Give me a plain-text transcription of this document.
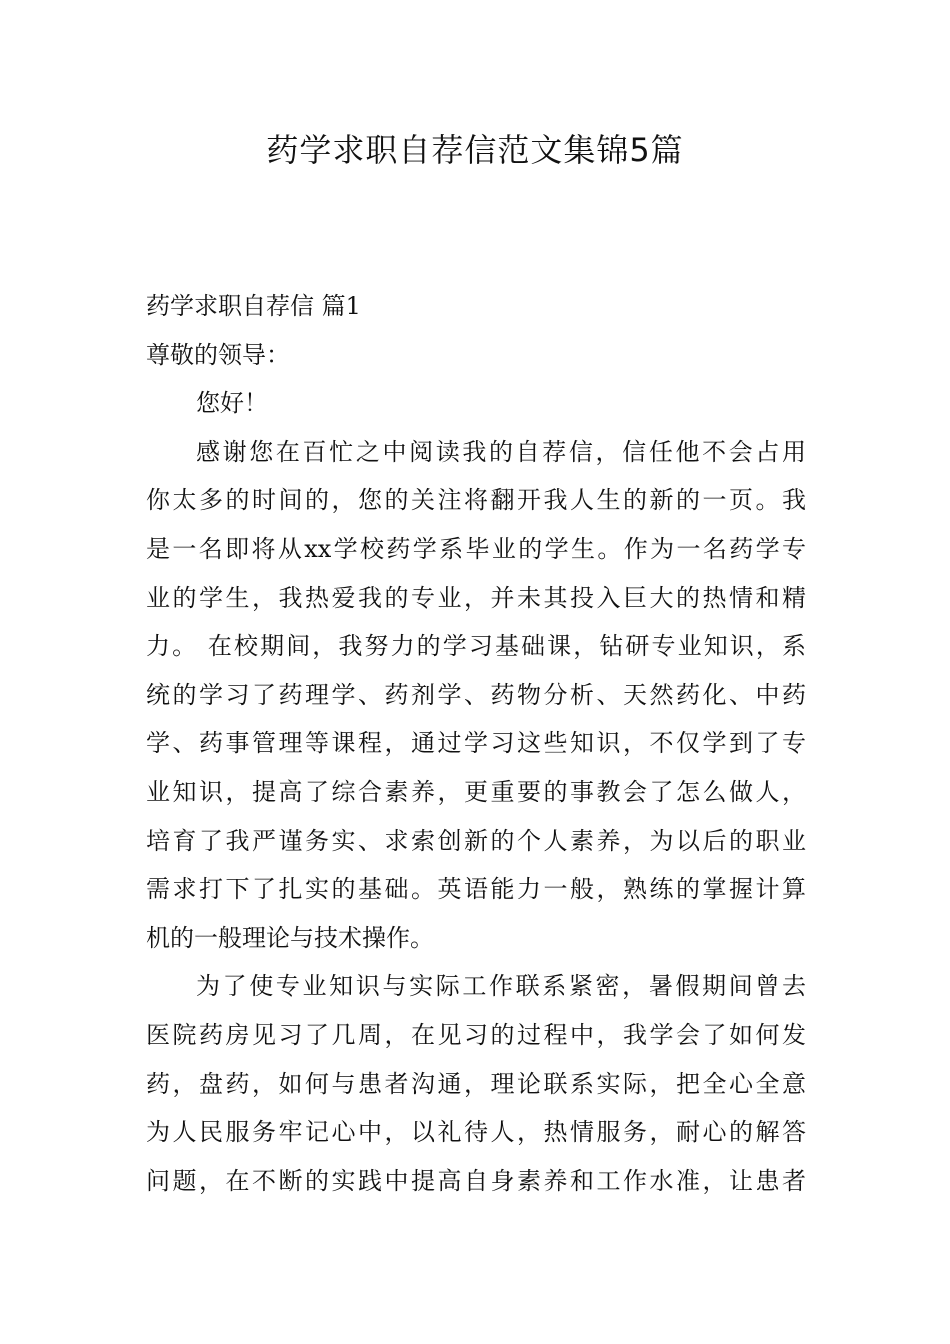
药学求职自荐信范文集锦5篇
药学求职自荐信 篇1
尊敬的领导：
您好！
感谢您在百忙之中阅读我的自荐信，信任他不会占用
你太多的时间的，您的关注将翻开我人生的新的一页。我
是一名即将从xx学校药学系毕业的学生。作为一名药学专
业的学生，我热爱我的专业，并未其投入巨大的热情和精
力。 在校期间，我努力的学习基础课，钻研专业知识，系
统的学习了药理学、药剂学、药物分析、天然药化、中药
学、药事管理等课程，通过学习这些知识，不仅学到了专
业知识，提高了综合素养，更重要的事教会了怎么做人，
培育了我严谨务实、求索创新的个人素养，为以后的职业
需求打下了扎实的基础。英语能力一般，熟练的掌握计算
机的一般理论与技术操作。
为了使专业知识与实际工作联系紧密，暑假期间曾去
医院药房见习了几周，在见习的过程中，我学会了如何发
药，盘药，如何与患者沟通，理论联系实际，把全心全意
为人民服务牢记心中，以礼待人，热情服务，耐心的解答
问题，在不断的实践中提高自身素养和工作水准，让患者
